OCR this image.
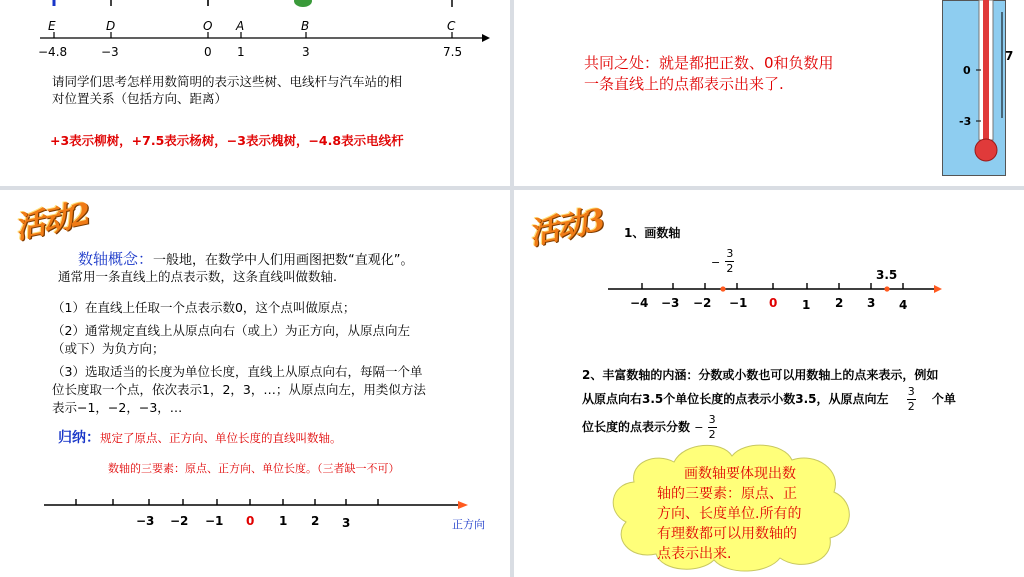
E	D	O A	B	C
−4.8	−3	0 1	3	7.5
请同学们思考怎样用数简明的表示这些树、电线杆与汽车站的相
对位置关系（包括方向、距离）
+3表示柳树，+7.5表示杨树，−3表示槐树，−4.8表示电线杆
共同之处：就是都把正数、0和负数用
一条直线上的点都表示出来了.
0
-3
7
活动2
数轴概念：一般地，在数学中人们用画图把数“直观化”。
通常用一条直线上的点表示数，这条直线叫做数轴.
（1）在直线上任取一个点表示数0，这个点叫做原点；
（2）通常规定直线上从原点向右（或上）为正方向，从原点向左
（或下）为负方向；
（3）选取适当的长度为单位长度，直线上从原点向右，每隔一个单
位长度取一个点，依次表示1，2，3，…；从原点向左，用类似方法
表示−1，−2，−3，…
归纳：规定了原点、正方向、单位长度的直线叫数轴。
数轴的三要素：原点、正方向、单位长度。（三者缺一不可）
−3 −2 −1 0 1 2 3	正方向
活动3 1、画数轴
− $\frac{3}{2}$	3.5
−4 −3 −2 −1 0 1 2 3 4
2、丰富数轴的内涵：分数或小数也可以用数轴上的点来表示，例如
从原点向右3.5个单位长度的点表示小数3.5，从原点向左 $\frac{3}{2}$ 个单
位长度的点表示分数 − $\frac{3}{2}$
画数轴要体现出数
轴的三要素：原点、正
方向、长度单位.所有的
有理数都可以用数轴的
点表示出来.
